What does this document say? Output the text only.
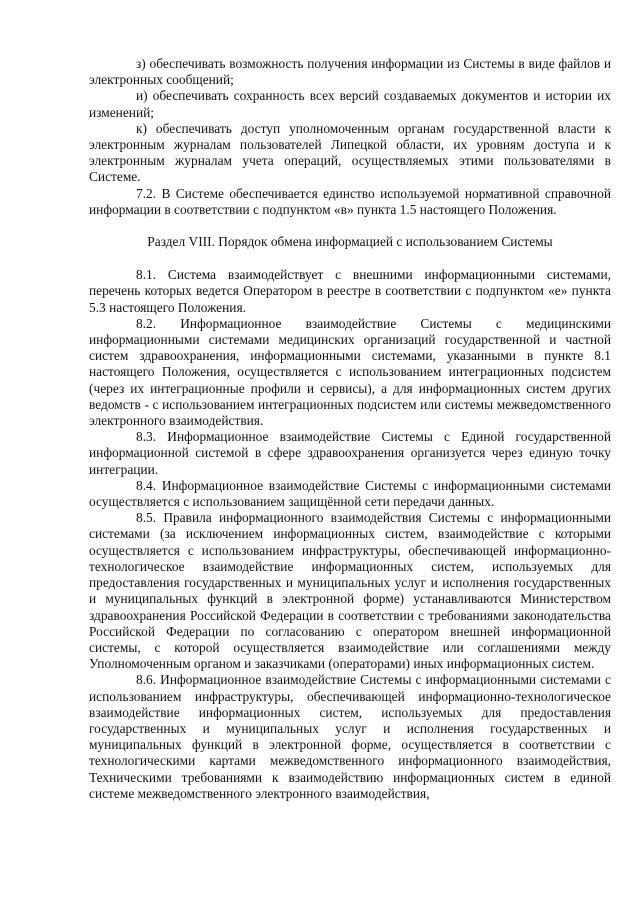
з) обеспечивать возможность получения информации из Системы в виде файлов и электронных сообщений;

и) обеспечивать сохранность всех версий создаваемых документов и истории их изменений;

к) обеспечивать доступ уполномоченным органам государственной власти к электронным журналам пользователей Липецкой области, их уровням доступа и к электронным журналам учета операций, осуществляемых этими пользователями в Системе.

7.2. В Системе обеспечивается единство используемой нормативной справочной информации в соответствии с подпунктом «в» пункта 1.5 настоящего Положения.

Раздел VIII. Порядок обмена информацией с использованием Системы

8.1. Система взаимодействует с внешними информационными системами, перечень которых ведется Оператором в реестре в соответствии с подпунктом «е» пункта 5.3 настоящего Положения.

8.2. Информационное взаимодействие Системы с медицинскими информационными системами медицинских организаций государственной и частной систем здравоохранения, информационными системами, указанными в пункте 8.1 настоящего Положения, осуществляется с использованием интеграционных подсистем (через их интеграционные профили и сервисы), а для информационных систем других ведомств - с использованием интеграционных подсистем или системы межведомственного электронного взаимодействия.

8.3. Информационное взаимодействие Системы с Единой государственной информационной системой в сфере здравоохранения организуется через единую точку интеграции.

8.4. Информационное взаимодействие Системы с информационными системами осуществляется с использованием защищённой сети передачи данных.

8.5. Правила информационного взаимодействия Системы с информационными системами (за исключением информационных систем, взаимодействие с которыми осуществляется с использованием инфраструктуры, обеспечивающей информационно-технологическое взаимодействие информационных систем, используемых для предоставления государственных и муниципальных услуг и исполнения государственных и муниципальных функций в электронной форме) устанавливаются Министерством здравоохранения Российской Федерации в соответствии с требованиями законодательства Российской Федерации по согласованию с оператором внешней информационной системы, с которой осуществляется взаимодействие или соглашениями между Уполномоченным органом и заказчиками (операторами) иных информационных систем.

8.6. Информационное взаимодействие Системы с информационными системами с использованием инфраструктуры, обеспечивающей информационно-технологическое взаимодействие информационных систем, используемых для предоставления государственных и муниципальных услуг и исполнения государственных и муниципальных функций в электронной форме, осуществляется в соответствии с технологическими картами межведомственного информационного взаимодействия, Техническими требованиями к взаимодействию информационных систем в единой системе межведомственного электронного взаимодействия,
